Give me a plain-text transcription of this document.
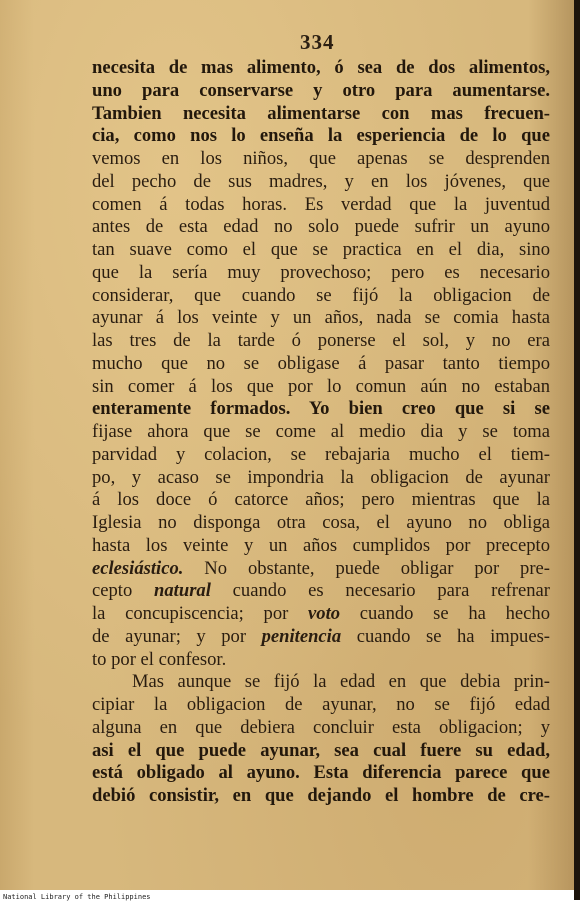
334
necesita de mas alimento, ó sea de dos alimentos,
uno para conservarse y otro para aumentarse.
Tambien necesita alimentarse con mas frecuen-
cia, como nos lo enseña la esperiencia de lo que
vemos en los niños, que apenas se desprenden
del pecho de sus madres, y en los jóvenes, que
comen á todas horas. Es verdad que la juventud
antes de esta edad no solo puede sufrir un ayuno
tan suave como el que se practica en el dia, sino
que la sería muy provechoso; pero es necesario
considerar, que cuando se fijó la obligacion de
ayunar á los veinte y un años, nada se comia hasta
las tres de la tarde ó ponerse el sol, y no era
mucho que no se obligase á pasar tanto tiempo
sin comer á los que por lo comun aún no estaban
enteramente formados. Yo bien creo que si se
fijase ahora que se come al medio dia y se toma
parvidad y colacion, se rebajaria mucho el tiem-
po, y acaso se impondria la obligacion de ayunar
á los doce ó catorce años; pero mientras que la
Iglesia no disponga otra cosa, el ayuno no obliga
hasta los veinte y un años cumplidos por precepto
eclesiástico. No obstante, puede obligar por pre-
cepto natural cuando es necesario para refrenar
la concupiscencia; por voto cuando se ha hecho
de ayunar; y por penitencia cuando se ha impues-
to por el confesor.
Mas aunque se fijó la edad en que debia prin-
cipiar la obligacion de ayunar, no se fijó edad
alguna en que debiera concluir esta obligacion; y
asi el que puede ayunar, sea cual fuere su edad,
está obligado al ayuno. Esta diferencia parece que
debió consistir, en que dejando el hombre de cre-
National Library of the Philippines
